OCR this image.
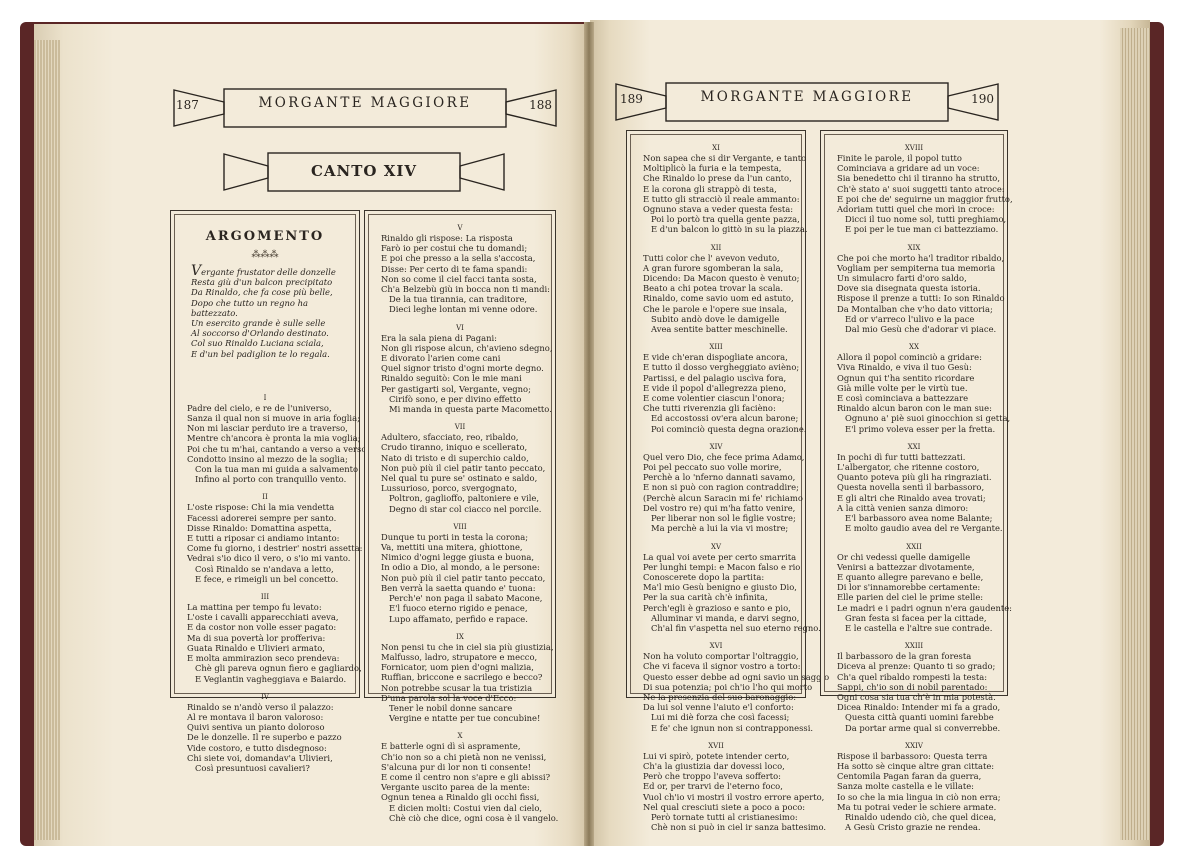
187	188
MORGANTE MAGGIORE
CANTO XIV
ARGOMENTO
⁂⁂⁂
Vergante frustator delle donzelle
Resta giù d'un balcon precipitato
Da Rinaldo, che fa cose più belle,
Dopo che tutto un regno ha battezzato.
Un esercito grande è sulle selle
Al soccorso d'Orlando destinato.
Col suo Rinaldo Luciana sciala,
E d'un bel padiglion te lo regala.
I
Padre del cielo, e re de l'universo,
Sanza il qual non si muove in aria foglia;
Non mi lasciar perduto ire a traverso,
Mentre ch'ancora è pronta la mia voglia;
Poi che tu m'hai, cantando a verso a verso,
Condotto insino al mezzo de la soglia;
Con la tua man mi guida a salvamento
Infino al porto con tranquillo vento.
II
L'oste rispose: Chi la mia vendetta
Facessi adorerei sempre per santo.
Disse Rinaldo: Domattina aspetta,
E tutti a riposar ci andiamo intanto:
Come fu giorno, i destrier' nostri assetta:
Vedrai s'io dico il vero, o s'io mi vanto.
Così Rinaldo se n'andava a letto,
E fece, e rimeigli un bel concetto.
III
La mattina per tempo fu levato:
L'oste i cavalli apparecchiati aveva,
E da costor non volle esser pagato:
Ma di sua povertà lor profferiva:
Guata Rinaldo e Ulivieri armato,
E molta ammirazion seco prendeva:
Chè gli pareva ognun fiero e gagliardo,
E Veglantin vagheggiava e Baiardo.
IV
Rinaldo se n'andò verso il palazzo:
Al re montava il baron valoroso:
Quivi sentiva un pianto doloroso
De le donzelle. Il re superbo e pazzo
Vide costoro, e tutto disdegnoso:
Chi siete voi, domandav'a Ulivieri,
Così presuntuosi cavalieri?
V
Rinaldo gli rispose: La risposta
Farò io per costui che tu domandi;
E poi che presso a la sella s'accosta,
Disse: Per certo di te fama spandi:
Non so come il ciel facci tanta sosta,
Ch'a Belzebù giù in bocca non ti mandi:
De la tua tirannia, can traditore,
Dieci leghe lontan mi venne odore.
VI
Era la sala piena di Pagani:
Non gli rispose alcun, ch'avieno sdegno,
E divorato l'arien come cani
Quel signor tristo d'ogni morte degno.
Rinaldo seguitò: Con le mie mani
Per gastigarti sol, Vergante, vegno;
Cirifò sono, e per divino effetto
Mi manda in questa parte Macometto.
VII
Adultero, sfacciato, reo, ribaldo,
Crudo tiranno, iniquo e scellerato,
Nato di tristo e di superchio caldo,
Non può più il ciel patir tanto peccato,
Nel qual tu pure se' ostinato e saldo,
Lussurioso, porco, svergognato,
Poltron, gaglioffo, paltoniere e vile,
Degno di star col ciacco nel porcile.
VIII
Dunque tu porti in testa la corona;
Va, mettiti una mitera, ghiottone,
Nimico d'ogni legge giusta e buona,
In odio a Dio, al mondo, a le persone:
Non può più il ciel patir tanto peccato,
Ben verrà la saetta quando e' tuona:
Perch'e' non paga il sabato Macone,
E'l fuoco eterno rigido e penace,
Lupo affamato, perfido e rapace.
IX
Non pensi tu che in ciel sia più giustizia,
Malfusso, ladro, strupatore e mecco,
Fornicator, uom pien d'ogni malizia,
Ruffian, briccone e sacrilego e becco?
Non potrebbe scusar la tua tristizia
D'una parola sol la voce d'Ecco:
Tener le nobil donne sancare
Vergine e ntatte per tue concubine!
X
E batterle ogni dì sì aspramente,
Ch'io non so a chi pietà non ne venissi,
S'alcuna pur di lor non ti consente!
E come il centro non s'apre e gli abissi?
Vergante uscito parea de la mente:
Ognun tenea a Rinaldo gli occhi fissi,
E dicien molti: Costui vien dal cielo,
Chè ciò che dice, ogni cosa è il vangelo.
189	190
MORGANTE MAGGIORE
XI
Non sapea che si dir Vergante, e tanto
Moltiplicò la furia e la tempesta,
Che Rinaldo lo prese da l'un canto,
E la corona gli strappò di testa,
E tutto gli stracciò il reale ammanto:
Ognuno stava a veder questa festa:
Poi lo portò tra quella gente pazza,
E d'un balcon lo gittò in su la piazza.
XII
Tutti color che l' avevon veduto,
A gran furore sgomberan la sala,
Dicendo: Da Macon questo è venuto;
Beato a chi potea trovar la scala.
Rinaldo, come savio uom ed astuto,
Che le parole e l'opere sue insala,
Subito andò dove le damigelle
Avea sentite batter meschinelle.
XIII
E vide ch'eran dispogliate ancora,
E tutto il dosso vergheggiato avièno;
Partissi, e del palagio uscìva fora,
E vide il popol d'allegrezza pieno,
E come volentier ciascun l'onora;
Che tutti riverenzia gli facièno:
Ed accostossi ov'era alcun barone;
Poi cominciò questa degna orazione.
XIV
Quel vero Dio, che fece prima Adamo,
Poi pel peccato suo volle morire,
Perchè a lo 'nferno dannati savamo,
E non si può con ragion contraddire;
(Perchè alcun Saracin mi fe' richiamo
Del vostro re) qui m'ha fatto venire,
Per liberar non sol le figlie vostre;
Ma perchè a lui la via vi mostre;
XV
La qual voi avete per certo smarrita
Per lunghi tempi: e Macon falso e rio
Conoscerete dopo la partita:
Ma'l mio Gesù benigno e giusto Dio,
Per la sua carità ch'è infinita,
Perch'egli è grazioso e santo e pio,
Alluminar vi manda, e darvi segno,
Ch'al fin v'aspetta nel suo eterno regno.
XVI
Non ha voluto comportar l'oltraggio,
Che vi faceva il signor vostro a torto:
Questo esser debbe ad ogni savio un saggio
Di sua potenzia; poi ch'io l'ho qui morto
Ne la presenzia del suo baronaggio:
Da lui sol venne l'aiuto e'l conforto:
Lui mi diè forza che così facessi;
E fe' che ignun non si contrapponessi.
XVII
Lui vi spirò, potete intender certo,
Ch'a la giustizia dar dovessi loco,
Però che troppo l'aveva sofferto:
Ed or, per trarvi de l'eterno foco,
Vuol ch'io vi mostri il vostro errore aperto,
Nel qual cresciuti siete a poco a poco:
Però tornate tutti al cristianesimo:
Chè non si può in ciel ir sanza battesimo.
XVIII
Finite le parole, il popol tutto
Cominciava a gridare ad un voce:
Sia benedetto chi il tiranno ha strutto,
Ch'è stato a' suoi suggetti tanto atroce:
E poi che de' seguirne un maggior frutto,
Adoriam tutti quel che morì in croce:
Dicci il tuo nome sol, tutti preghiamo,
E poi per le tue man ci battezziamo.
XIX
Che poi che morto ha'l traditor ribaldo,
Vogliam per sempiterna tua memoria
Un simulacro farti d'oro saldo,
Dove sia disegnata questa istoria.
Rispose il prenze a tutti: Io son Rinaldo
Da Montalban che v'ho dato vittoria;
Ed or v'arreco l'ulivo e la pace
Dal mio Gesù che d'adorar vi piace.
XX
Allora il popol cominciò a gridare:
Viva Rinaldo, e viva il tuo Gesù:
Ognun qui t'ha sentito ricordare
Già mille volte per le virtù tue.
E così cominciava a battezzare
Rinaldo alcun baron con le man sue:
Ognuno a' piè suoi ginocchion si getta,
E'l primo voleva esser per la fretta.
XXI
In pochi dì fur tutti battezzati.
L'albergator, che ritenne costoro,
Quanto poteva più gli ha ringraziati.
Questa novella sentì il barbassoro,
E gli altri che Rinaldo avea trovati;
A la città venien sanza dimoro:
E'l barbassoro avea nome Balante;
E molto gaudio avea del re Vergante.
XXII
Or chi vedessi quelle damigelle
Venirsi a battezzar divotamente,
E quanto allegre parevano e belle,
Di lor s'innamorebbe certamente:
Elle parien del ciel le prime stelle:
Le madri e i padri ognun n'era gaudente:
Gran festa si facea per la cittade,
E le castella e l'altre sue contrade.
XXIII
Il barbassoro de la gran foresta
Diceva al prenze: Quanto ti so grado;
Ch'a quel ribaldo rompesti la testa:
Sappi, ch'io son di nobil parentado:
Ogni cosa sia tua ch'è in mia potestà.
Dicea Rinaldo: Intender mi fa a grado,
Questa città quanti uomini farebbe
Da portar arme qual si converrebbe.
XXIV
Rispose il barbassoro: Questa terra
Ha sotto sè cinque altre gran cittate:
Centomila Pagan faran da guerra,
Sanza molte castella e le villate:
Io so che la mia lingua in ciò non erra;
Ma tu potrai veder le schiere armate.
Rinaldo udendo ciò, che quel dicea,
A Gesù Cristo grazie ne rendea.
